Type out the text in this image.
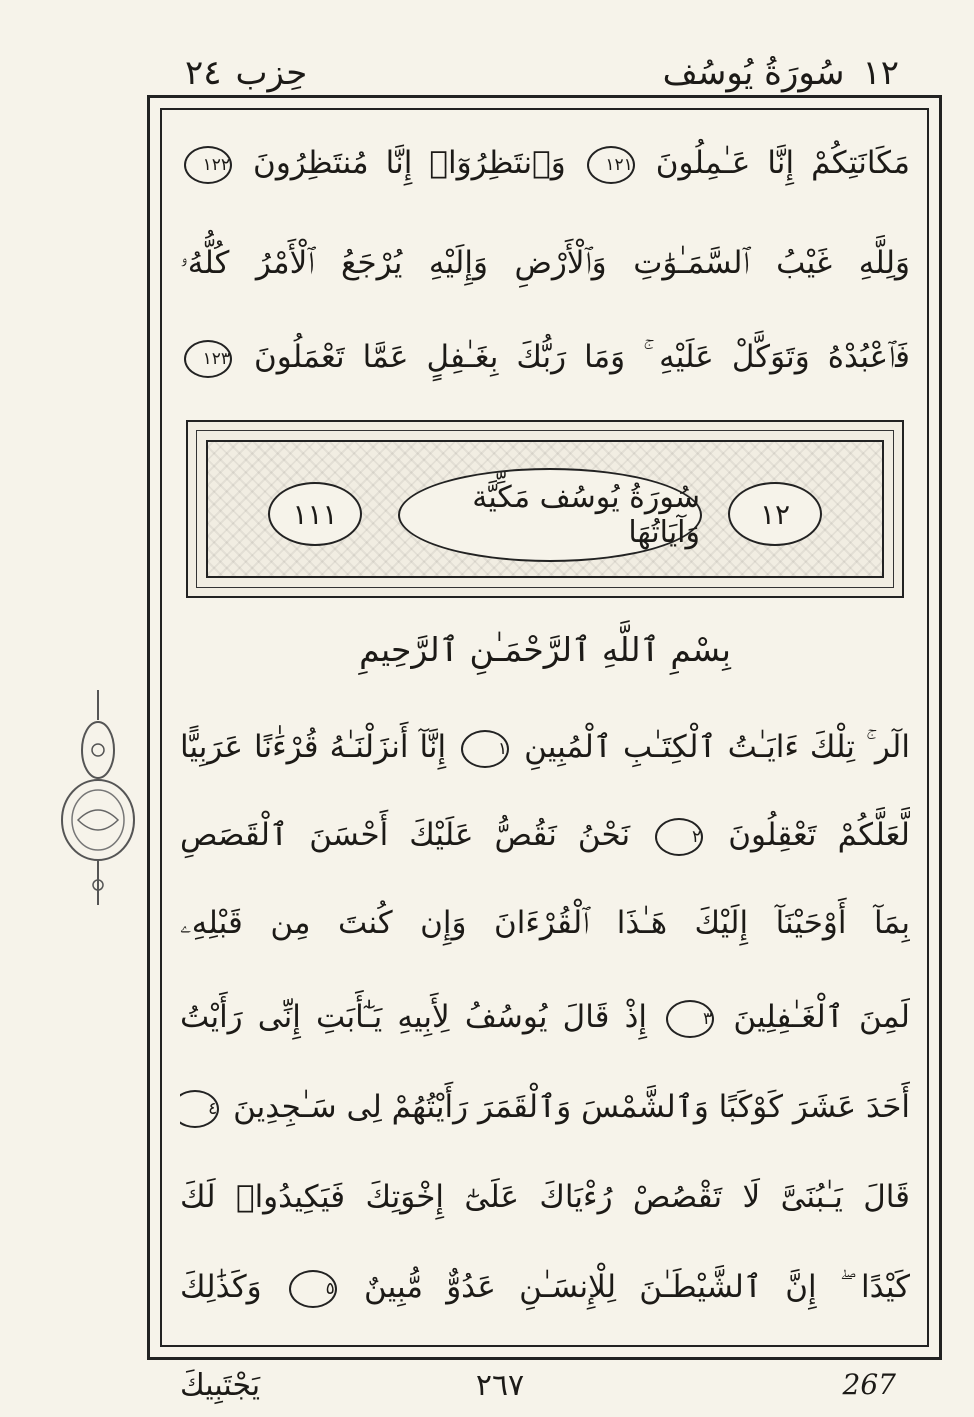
١٢
سُورَةُ يُوسُف
حِزب
٢٤
مَكَانَتِكُمْ إِنَّا عَـٰمِلُونَ ١٢١ وَٱنتَظِرُوٓا۟ إِنَّا مُنتَظِرُونَ ١٢٢
وَلِلَّهِ غَيْبُ ٱلسَّمَـٰوَٰتِ وَٱلْأَرْضِ وَإِلَيْهِ يُرْجَعُ ٱلْأَمْرُ كُلُّهُۥ
فَٱعْبُدْهُ وَتَوَكَّلْ عَلَيْهِ ۚ وَمَا رَبُّكَ بِغَـٰفِلٍ عَمَّا تَعْمَلُونَ ١٢٣
١٢
سُورَةُ يُوسُف مَكِّيَّة وَآيَاتُهَا
١١١
بِسْمِ ٱللَّهِ ٱلرَّحْمَـٰنِ ٱلرَّحِيمِ
الٓر ۚ تِلْكَ ءَايَـٰتُ ٱلْكِتَـٰبِ ٱلْمُبِينِ ١ إِنَّآ أَنزَلْنَـٰهُ قُرْءَٰنًا عَرَبِيًّا
لَّعَلَّكُمْ تَعْقِلُونَ ٢ نَحْنُ نَقُصُّ عَلَيْكَ أَحْسَنَ ٱلْقَصَصِ
بِمَآ أَوْحَيْنَآ إِلَيْكَ هَـٰذَا ٱلْقُرْءَانَ وَإِن كُنتَ مِن قَبْلِهِۦ
لَمِنَ ٱلْغَـٰفِلِينَ ٣ إِذْ قَالَ يُوسُفُ لِأَبِيهِ يَـٰٓأَبَتِ إِنِّى رَأَيْتُ
أَحَدَ عَشَرَ كَوْكَبًا وَٱلشَّمْسَ وَٱلْقَمَرَ رَأَيْتُهُمْ لِى سَـٰجِدِينَ ٤
قَالَ يَـٰبُنَىَّ لَا تَقْصُصْ رُءْيَاكَ عَلَىٰٓ إِخْوَتِكَ فَيَكِيدُوا۟ لَكَ
كَيْدًا ۖ إِنَّ ٱلشَّيْطَـٰنَ لِلْإِنسَـٰنِ عَدُوٌّ مُّبِينٌ ٥ وَكَذَٰلِكَ
يَجْتَبِيكَ	٢٦٧	267
